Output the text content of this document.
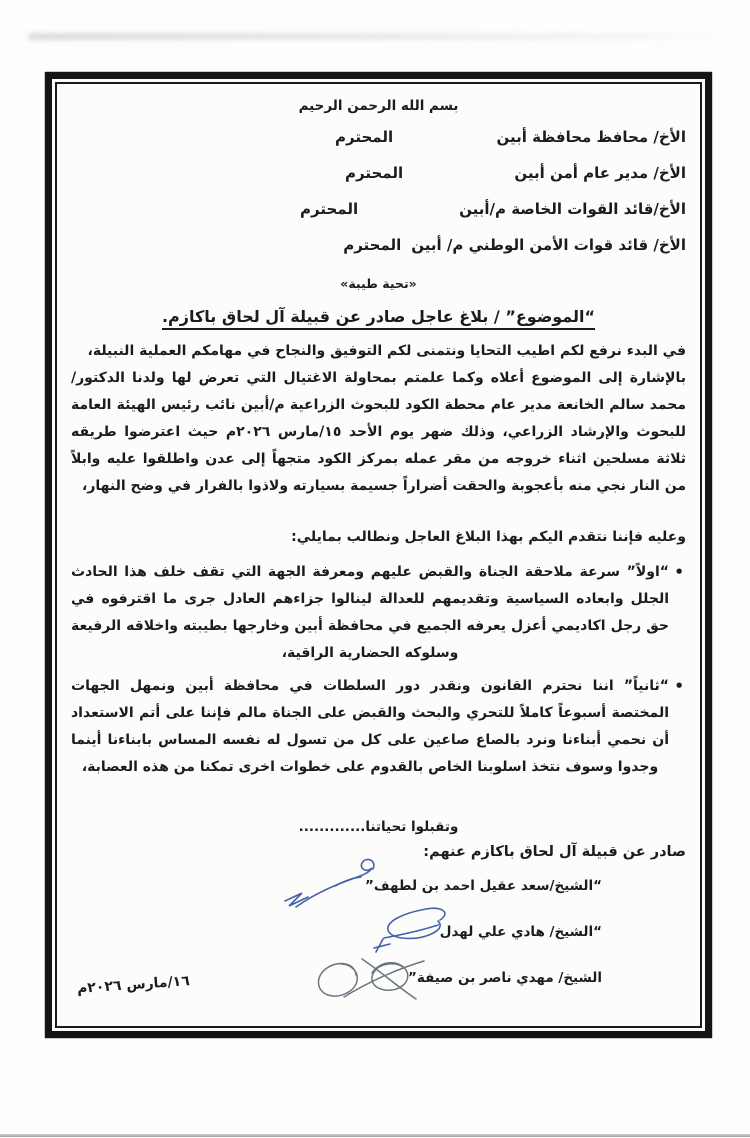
بسم الله الرحمن الرحيم
الأخ/ محافظ محافظة أبين
المحترم
الأخ/ مدير عام أمن أبين
المحترم
الأخ/قائد القوات الخاصة م/أبين
المحترم
الأخ/ قائد قوات الأمن الوطني م/ أبين
المحترم
«تحية طيبة»
“الموضوع” / بلاغ عاجل صادر عن قبيلة آل لحاق باكازم.

في البدء نرفع لكم اطيب التحايا ونتمنى لكم التوفيق والنجاح في مهامكم العملية النبيلة،

بالإشارة إلى الموضوع أعلاه وكما علمتم بمحاولة الاغتيال التي تعرض لها ولدنا الدكتور/ محمد سالم الخانعة مدير عام محطة الكود للبحوث الزراعية م/أبين نائب رئيس الهيئة العامة للبحوث والإرشاد الزراعي، وذلك ضهر يوم الأحد ١٥/مارس ٢٠٢٦م حيث اعترضوا طريقه ثلاثة مسلحين اثناء خروجه من مقر عمله بمركز الكود متجهاً إلى عدن واطلقوا عليه وابلاً من النار نجي منه بأعجوبة والحقت أضراراً جسيمة بسيارته ولاذوا بالفرار في وضح النهار،

وعليه فإننا نتقدم اليكم بهذا البلاغ العاجل ونطالب بمايلي:
• “اولاً” سرعة ملاحقة الجناة والقبض عليهم ومعرفة الجهة التي تقف خلف هذا الحادث الجلل وابعاده السياسية وتقديمهم للعدالة لينالوا جزاءهم العادل جرى ما اقترفوه في حق رجل اكاديمي أعزل يعرفه الجميع في محافظة أبين وخارجها بطيبته واخلاقه الرفيعة وسلوكه الحضارية الراقية،
• “ثانياً” اننا نحترم القانون ونقدر دور السلطات في محافظة أبين ونمهل الجهات المختصة أسبوعاً كاملاً للتحري والبحث والقبض على الجناة مالم فإننا على أتم الاستعداد أن نحمي أبناءنا ونرد بالصاع صاعين على كل من تسول له نفسه المساس بابناءنا أينما وجدوا وسوف نتخذ اسلوبنا الخاص بالقدوم على خطوات اخرى تمكنا من هذه العصابة،
وتقبلوا تحياتنا.............
صادر عن قبيلة آل لحاق باكازم عنهم:
“الشيخ/سعد عقيل احمد بن لطهف”
“الشيخ/ هادي علي لهدل
الشيخ/ مهدي ناصر بن صيفة”
١٦/مارس ٢٠٢٦م
